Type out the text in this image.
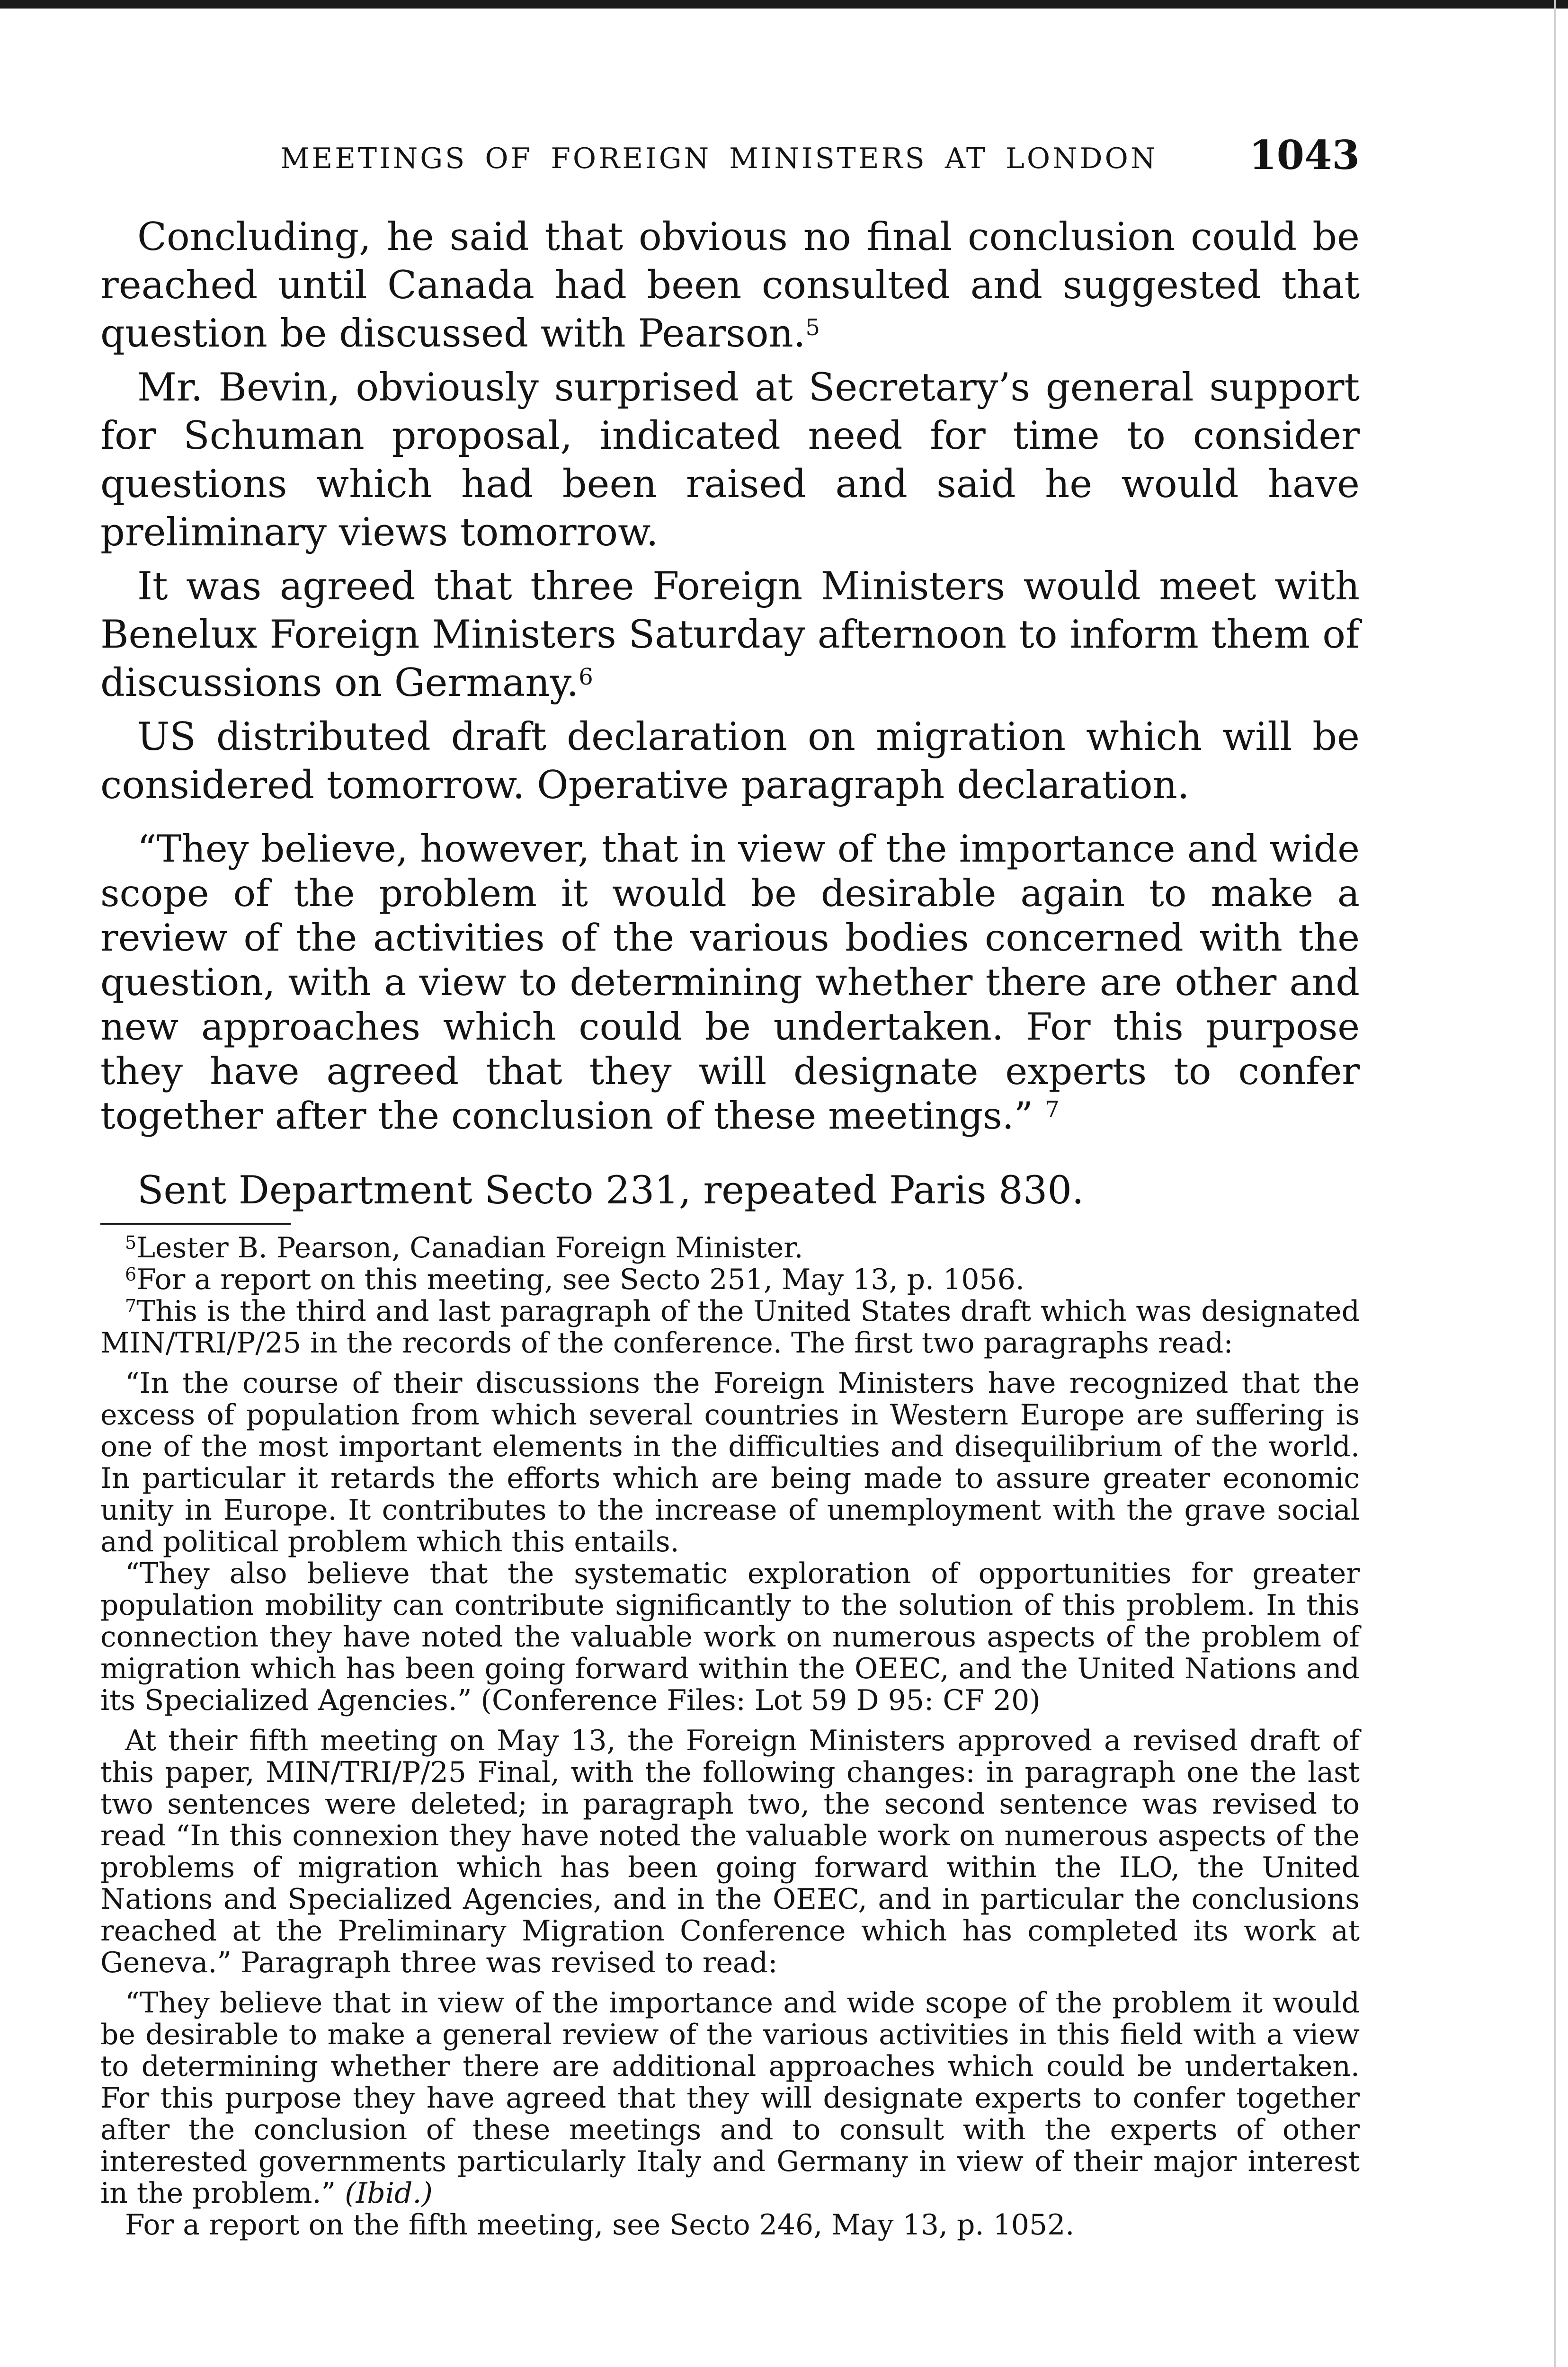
MEETINGS OF FOREIGN MINISTERS AT LONDON 1043

Concluding, he said that obvious no final conclusion could be reached until Canada had been consulted and suggested that question be discussed with Pearson.$^5$

Mr. Bevin, obviously surprised at Secretary’s general support for Schuman proposal, indicated need for time to consider questions which had been raised and said he would have preliminary views tomorrow.

It was agreed that three Foreign Ministers would meet with Benelux Foreign Ministers Saturday afternoon to inform them of discussions on Germany.$^6$

US distributed draft declaration on migration which will be considered tomorrow. Operative paragraph declaration.

“They believe, however, that in view of the importance and wide scope of the problem it would be desirable again to make a review of the activities of the various bodies concerned with the question, with a view to determining whether there are other and new approaches which could be undertaken. For this purpose they have agreed that they will designate experts to confer together after the conclusion of these meetings.” $^7$

Sent Department Secto 231, repeated Paris 830.

$^5$Lester B. Pearson, Canadian Foreign Minister.

$^6$For a report on this meeting, see Secto 251, May 13, p. 1056.

$^7$This is the third and last paragraph of the United States draft which was designated MIN/TRI/P/25 in the records of the conference. The first two paragraphs read:

“In the course of their discussions the Foreign Ministers have recognized that the excess of population from which several countries in Western Europe are suffering is one of the most important elements in the difficulties and disequilibrium of the world. In particular it retards the efforts which are being made to assure greater economic unity in Europe. It contributes to the increase of unemployment with the grave social and political problem which this entails.

“They also believe that the systematic exploration of opportunities for greater population mobility can contribute significantly to the solution of this problem. In this connection they have noted the valuable work on numerous aspects of the problem of migration which has been going forward within the OEEC, and the United Nations and its Specialized Agencies.” (Conference Files: Lot 59 D 95: CF 20)

At their fifth meeting on May 13, the Foreign Ministers approved a revised draft of this paper, MIN/TRI/P/25 Final, with the following changes: in paragraph one the last two sentences were deleted; in paragraph two, the second sentence was revised to read “In this connexion they have noted the valuable work on numerous aspects of the problems of migration which has been going forward within the ILO, the United Nations and Specialized Agencies, and in the OEEC, and in particular the conclusions reached at the Preliminary Migration Conference which has completed its work at Geneva.” Paragraph three was revised to read:

“They believe that in view of the importance and wide scope of the problem it would be desirable to make a general review of the various activities in this field with a view to determining whether there are additional approaches which could be undertaken. For this purpose they have agreed that they will designate experts to confer together after the conclusion of these meetings and to consult with the experts of other interested governments particularly Italy and Germany in view of their major interest in the problem.” (Ibid.)

For a report on the fifth meeting, see Secto 246, May 13, p. 1052.
